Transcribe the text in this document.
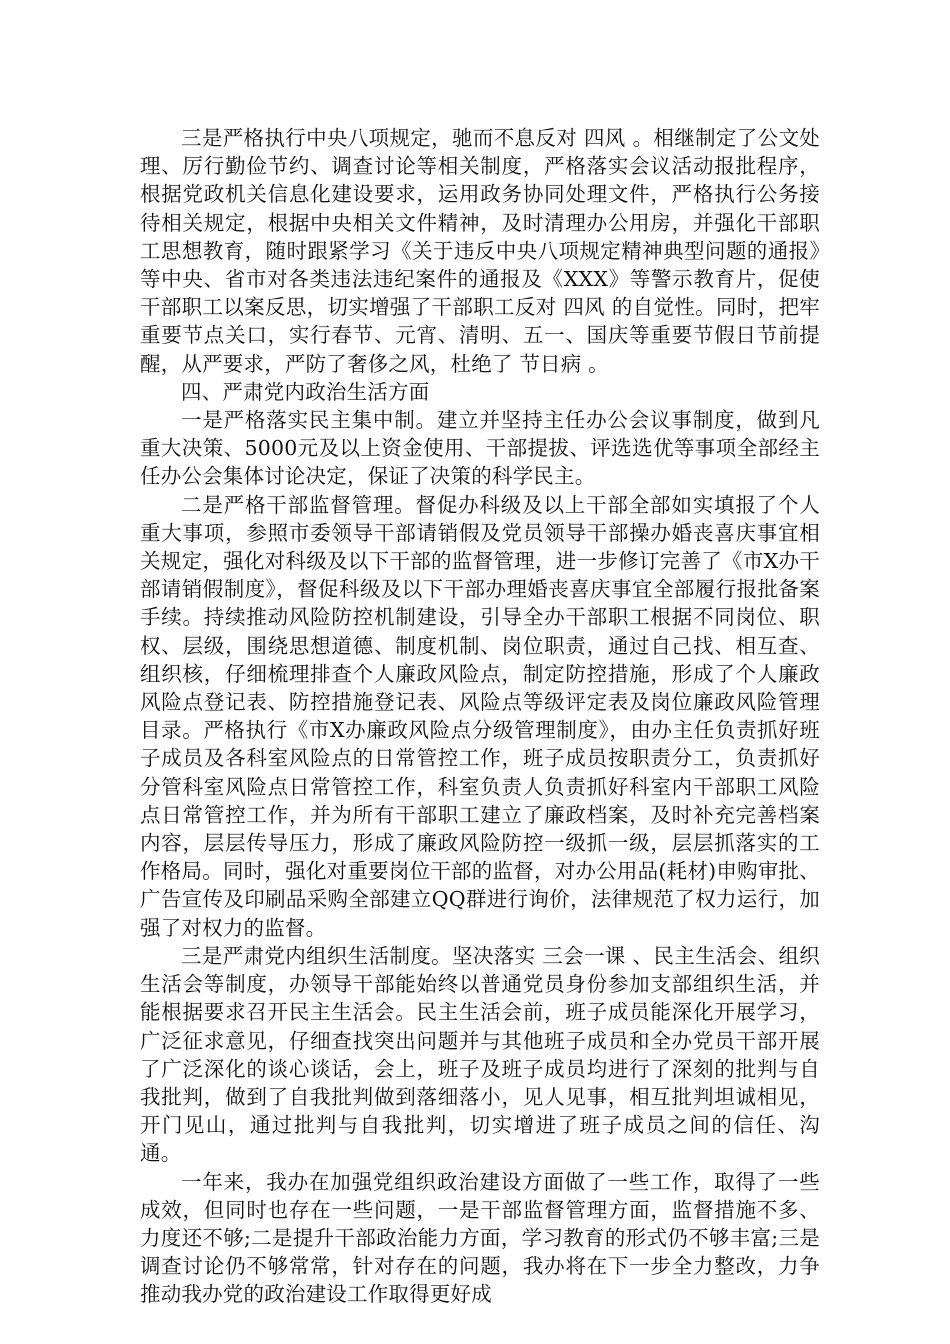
三是严格执行中央八项规定，驰而不息反对 四风 。相继制定了公文处理、厉行勤俭节约、调查讨论等相关制度，严格落实会议活动报批程序，根据党政机关信息化建设要求，运用政务协同处理文件，严格执行公务接待相关规定，根据中央相关文件精神，及时清理办公用房，并强化干部职工思想教育，随时跟紧学习《关于违反中央八项规定精神典型问题的通报》等中央、省市对各类违法违纪案件的通报及《XXX》等警示教育片，促使干部职工以案反思，切实增强了干部职工反对 四风 的自觉性。同时，把牢重要节点关口，实行春节、元宵、清明、五一、国庆等重要节假日节前提醒，从严要求，严防了奢侈之风，杜绝了 节日病 。

四、严肃党内政治生活方面

一是严格落实民主集中制。建立并坚持主任办公会议事制度，做到凡重大决策、5000元及以上资金使用、干部提拔、评选选优等事项全部经主任办公会集体讨论决定，保证了决策的科学民主。

二是严格干部监督管理。督促办科级及以上干部全部如实填报了个人重大事项，参照市委领导干部请销假及党员领导干部操办婚丧喜庆事宜相关规定，强化对科级及以下干部的监督管理，进一步修订完善了《市X办干部请销假制度》，督促科级及以下干部办理婚丧喜庆事宜全部履行报批备案手续。持续推动风险防控机制建设，引导全办干部职工根据不同岗位、职权、层级，围绕思想道德、制度机制、岗位职责，通过自己找、相互查、组织核，仔细梳理排查个人廉政风险点，制定防控措施，形成了个人廉政风险点登记表、防控措施登记表、风险点等级评定表及岗位廉政风险管理目录。严格执行《市X办廉政风险点分级管理制度》，由办主任负责抓好班子成员及各科室风险点的日常管控工作，班子成员按职责分工，负责抓好分管科室风险点日常管控工作，科室负责人负责抓好科室内干部职工风险点日常管控工作，并为所有干部职工建立了廉政档案，及时补充完善档案内容，层层传导压力，形成了廉政风险防控一级抓一级，层层抓落实的工作格局。同时，强化对重要岗位干部的监督，对办公用品(耗材)申购审批、广告宣传及印刷品采购全部建立QQ群进行询价，法律规范了权力运行，加强了对权力的监督。

三是严肃党内组织生活制度。坚决落实 三会一课 、民主生活会、组织生活会等制度，办领导干部能始终以普通党员身份参加支部组织生活，并能根据要求召开民主生活会。民主生活会前，班子成员能深化开展学习，广泛征求意见，仔细查找突出问题并与其他班子成员和全办党员干部开展了广泛深化的谈心谈话，会上，班子及班子成员均进行了深刻的批判与自我批判，做到了自我批判做到落细落小，见人见事，相互批判坦诚相见，开门见山，通过批判与自我批判，切实增进了班子成员之间的信任、沟通。

一年来，我办在加强党组织政治建设方面做了一些工作，取得了一些成效，但同时也存在一些问题，一是干部监督管理方面，监督措施不多、力度还不够;二是提升干部政治能力方面，学习教育的形式仍不够丰富;三是调查讨论仍不够常常，针对存在的问题，我办将在下一步全力整改，力争推动我办党的政治建设工作取得更好成
